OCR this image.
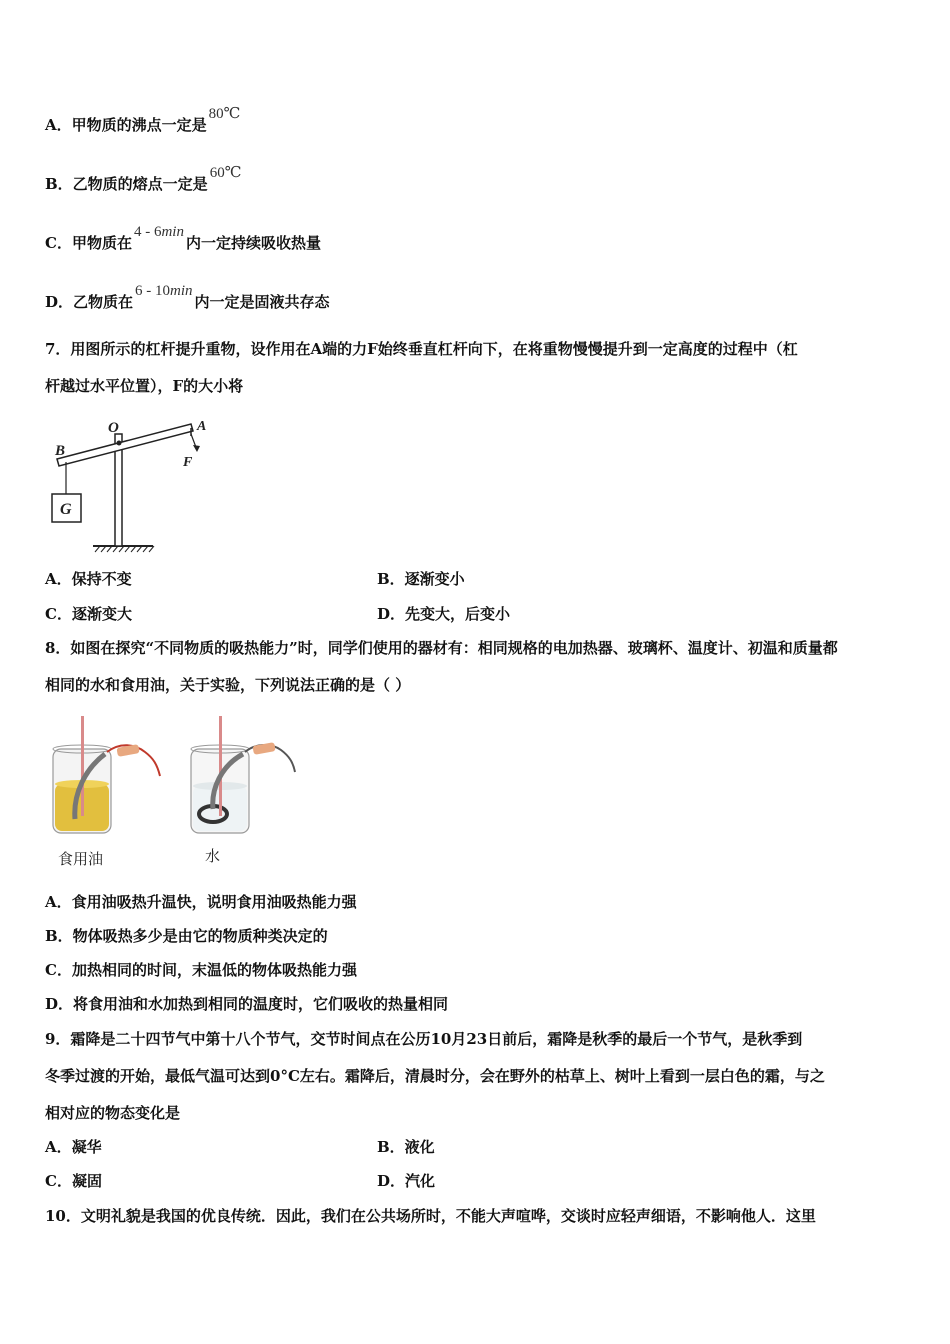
A．甲物质的沸点一定是80℃
B．乙物质的熔点一定是60℃
C．甲物质在4 - 6min内一定持续吸收热量
D．乙物质在6 - 10min内一定是固液共存态
7．用图所示的杠杆提升重物，设作用在A端的力F始终垂直杠杆向下，在将重物慢慢提升到一定高度的过程中（杠
杆越过水平位置），F的大小将
O	A
B
F
G
A．保持不变	B．逐渐变小
C．逐渐变大	D．先变大，后变小
8．如图在探究“不同物质的吸热能力”时，同学们使用的器材有：相同规格的电加热器、玻璃杯、温度计、初温和质量都
相同的水和食用油，关于实验，下列说法正确的是（ ）
食用油	水
A．食用油吸热升温快，说明食用油吸热能力强
B．物体吸热多少是由它的物质种类决定的
C．加热相同的时间，末温低的物体吸热能力强
D．将食用油和水加热到相同的温度时，它们吸收的热量相同
9．霜降是二十四节气中第十八个节气，交节时间点在公历10月23日前后，霜降是秋季的最后一个节气，是秋季到
冬季过渡的开始，最低气温可达到0°C左右。霜降后，清晨时分，会在野外的枯草上、树叶上看到一层白色的霜，与之
相对应的物态变化是
A．凝华	B．液化
C．凝固	D．汽化
10．文明礼貌是我国的优良传统．因此，我们在公共场所时，不能大声喧哗，交谈时应轻声细语，不影响他人．这里
